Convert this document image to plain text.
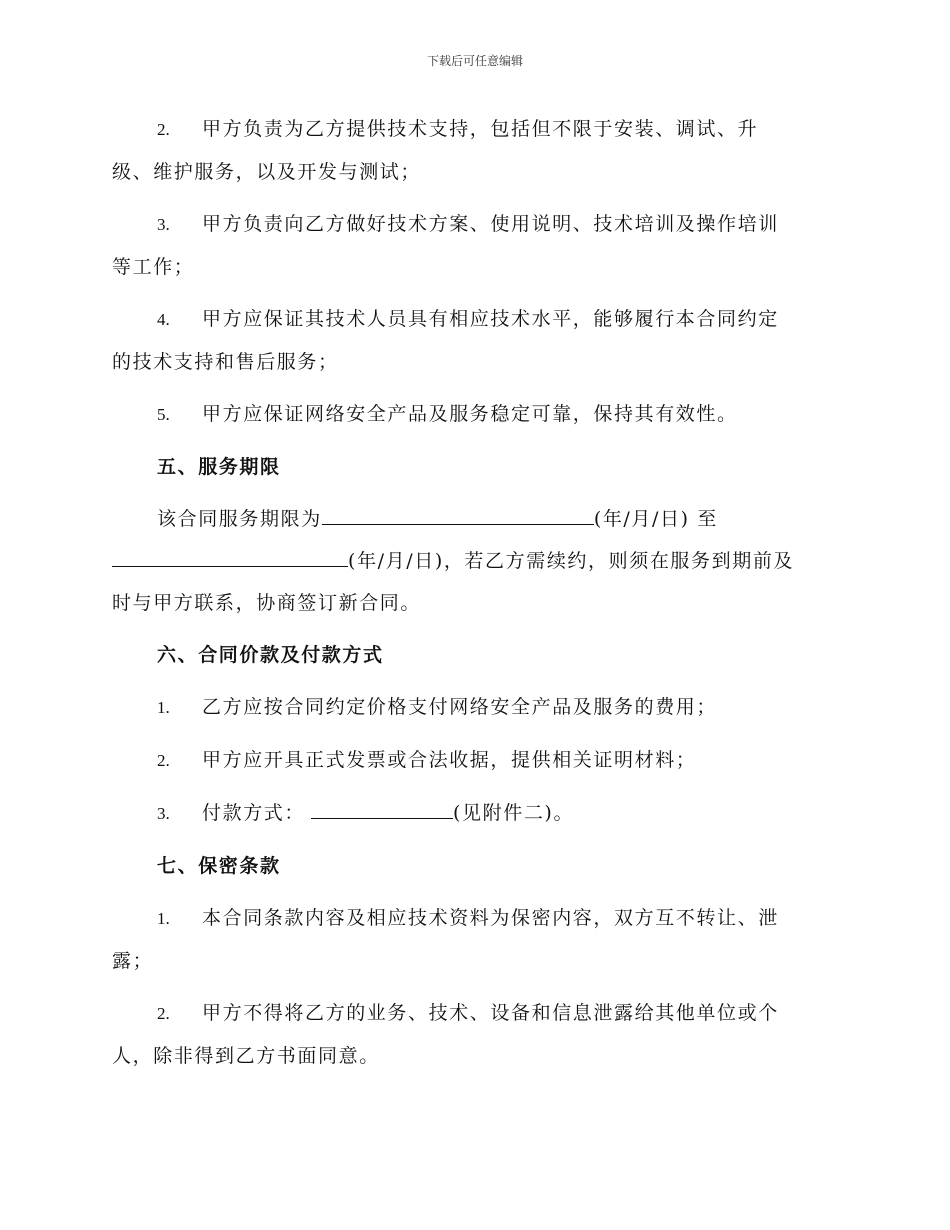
下载后可任意编辑
2. 甲方负责为乙方提供技术支持，包括但不限于安装、调试、升
级、维护服务，以及开发与测试；
3. 甲方负责向乙方做好技术方案、使用说明、技术培训及操作培训
等工作；
4. 甲方应保证其技术人员具有相应技术水平，能够履行本合同约定
的技术支持和售后服务；
5. 甲方应保证网络安全产品及服务稳定可靠，保持其有效性。
五、服务期限
该合同服务期限为	(年/月/日) 至
(年/月/日)，若乙方需续约，则须在服务到期前及
时与甲方联系，协商签订新合同。
六、合同价款及付款方式
1. 乙方应按合同约定价格支付网络安全产品及服务的费用；
2. 甲方应开具正式发票或合法收据，提供相关证明材料；
3. 付款方式：	(见附件二)。
七、保密条款
1. 本合同条款内容及相应技术资料为保密内容，双方互不转让、泄
露；
2. 甲方不得将乙方的业务、技术、设备和信息泄露给其他单位或个
人，除非得到乙方书面同意。
